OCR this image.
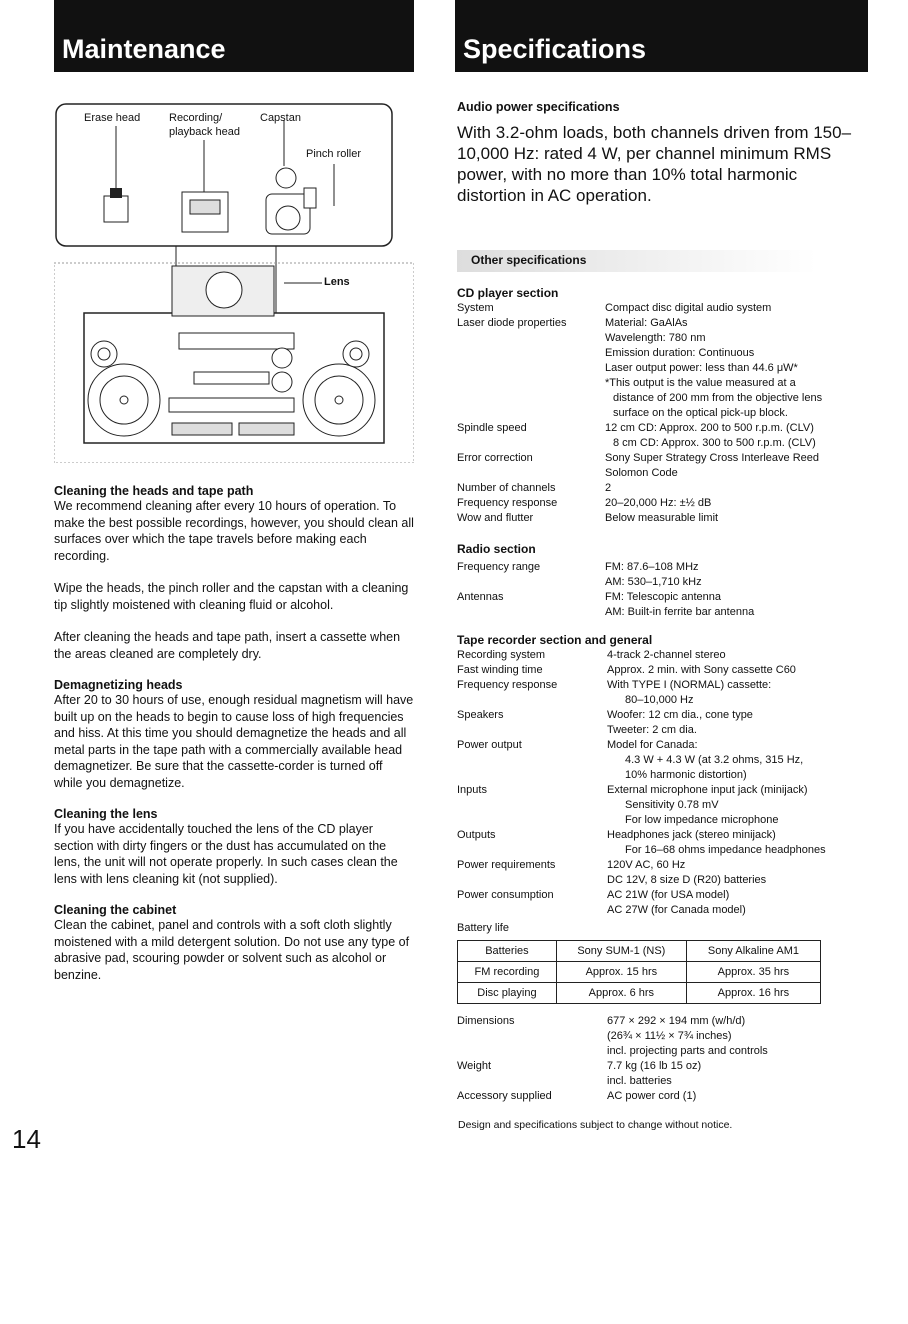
Maintenance	Specifications
Erase head	Recording/
playback head
Capstan
Pinch roller
Lens
Cleaning the heads and tape path

We recommend cleaning after every 10 hours of operation. To make the best possible recordings, however, you should clean all surfaces over which the tape travels before making each recording.

Wipe the heads, the pinch roller and the capstan with a cleaning tip slightly moistened with cleaning fluid or alcohol.

After cleaning the heads and tape path, insert a cassette when the areas cleaned are completely dry.

Demagnetizing heads

After 20 to 30 hours of use, enough residual magnetism will have built up on the heads to begin to cause loss of high frequencies and hiss. At this time you should demagnetize the heads and all metal parts in the tape path with a commercially available head demagnetizer. Be sure that the cassette-corder is turned off while you demagnetize.

Cleaning the lens

If you have accidentally touched the lens of the CD player section with dirty fingers or the dust has accumulated on the lens, the unit will not operate properly. In such cases clean the lens with lens cleaning kit (not supplied).

Cleaning the cabinet

Clean the cabinet, panel and controls with a soft cloth slightly moistened with a mild detergent solution. Do not use any type of abrasive pad, scouring powder or solvent such as alcohol or benzine.

Audio power specifications

With 3.2-ohm loads, both channels driven from 150–10,000 Hz: rated 4 W, per channel minimum RMS power, with no more than 10% total harmonic distortion in AC operation.

Other specifications
CD player section
System	Compact disc digital audio system
Laser diode properties	Material: GaAlAs
Wavelength: 780 nm
Emission duration: Continuous
Laser output power: less than 44.6 μW*
*This output is the value measured at a
distance of 200 mm from the objective lens
surface on the optical pick-up block.
Spindle speed	12 cm CD: Approx. 200 to 500 r.p.m. (CLV)
8 cm CD: Approx. 300 to 500 r.p.m. (CLV)
Error correction	Sony Super Strategy Cross Interleave Reed
Solomon Code
Number of channels	2
Frequency response	20–20,000 Hz: ±½ dB
Wow and flutter	Below measurable limit
Radio section
Frequency range	FM: 87.6–108 MHz
AM: 530–1,710 kHz
Antennas	FM: Telescopic antenna
AM: Built-in ferrite bar antenna
Tape recorder section and general
Recording system	4-track 2-channel stereo
Fast winding time	Approx. 2 min. with Sony cassette C60
Frequency response	With TYPE I (NORMAL) cassette:
80–10,000 Hz
Speakers	Woofer: 12 cm dia., cone type
Tweeter: 2 cm dia.
Power output	Model for Canada:
4.3 W + 4.3 W (at 3.2 ohms, 315 Hz,
10% harmonic distortion)
Inputs	External microphone input jack (minijack)
Sensitivity 0.78 mV
For low impedance microphone
Outputs	Headphones jack (stereo minijack)
For 16–68 ohms impedance headphones
Power requirements	120V AC, 60 Hz
DC 12V, 8 size D (R20) batteries
Power consumption	AC 21W (for USA model)
AC 27W (for Canada model)
Battery life
Batteries	Sony SUM-1 (NS)	Sony Alkaline AM1
FM recording	Approx. 15 hrs	Approx. 35 hrs
Disc playing	Approx. 6 hrs	Approx. 16 hrs
Dimensions	677 × 292 × 194 mm (w/h/d)
(26¾ × 11½ × 7¾ inches)
incl. projecting parts and controls
Weight	7.7 kg (16 lb 15 oz)
incl. batteries
Accessory supplied	AC power cord (1)
Design and specifications subject to change without notice.
14
